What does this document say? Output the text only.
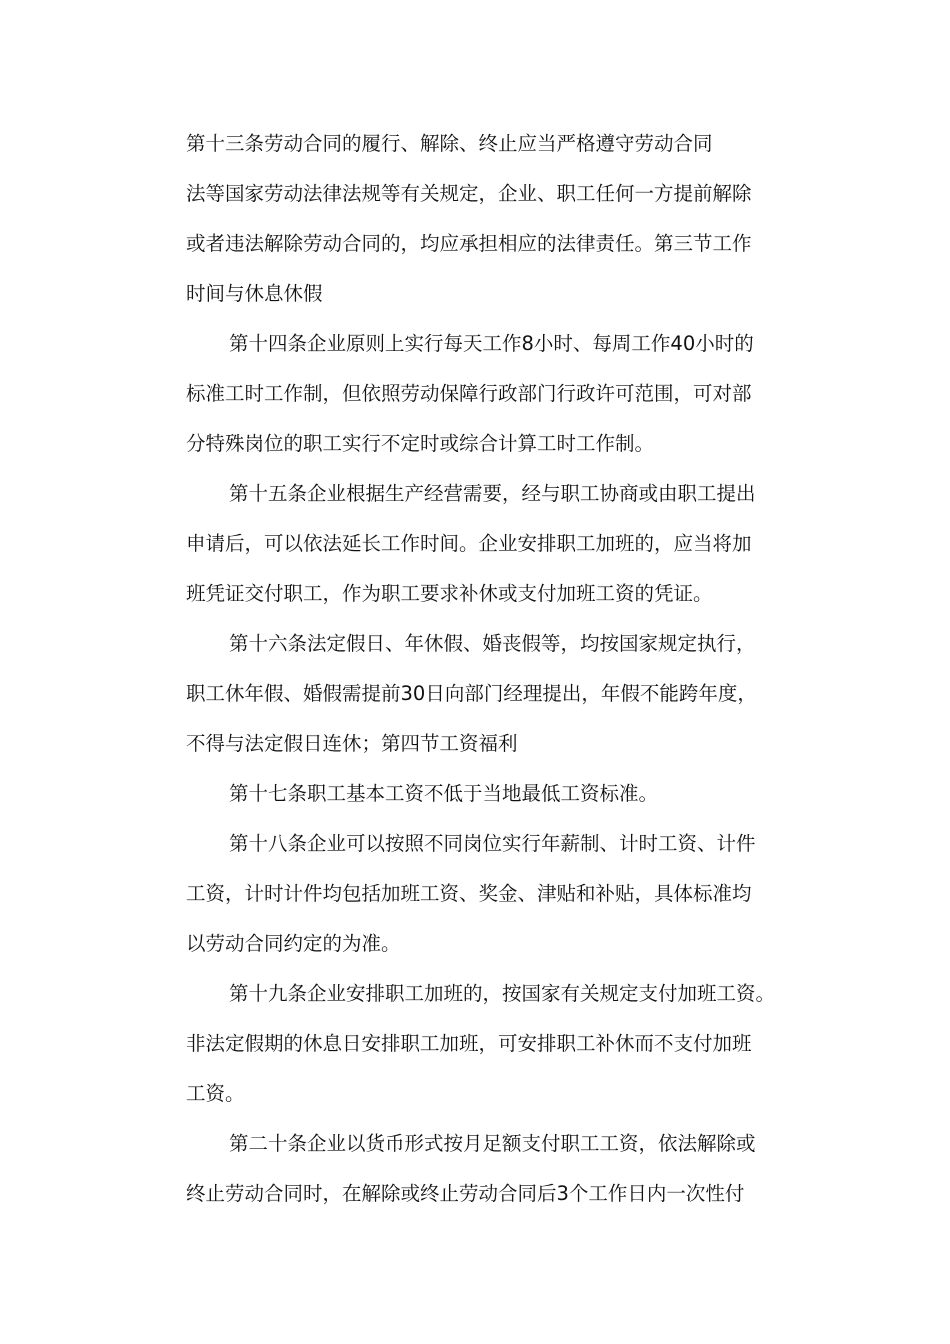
第十三条劳动合同的履行、解除、终止应当严格遵守劳动合同
法等国家劳动法律法规等有关规定，企业、职工任何一方提前解除
或者违法解除劳动合同的，均应承担相应的法律责任。第三节工作
时间与休息休假
第十四条企业原则上实行每天工作8小时、每周工作40小时的
标准工时工作制，但依照劳动保障行政部门行政许可范围，可对部
分特殊岗位的职工实行不定时或综合计算工时工作制。
第十五条企业根据生产经营需要，经与职工协商或由职工提出
申请后，可以依法延长工作时间。企业安排职工加班的，应当将加
班凭证交付职工，作为职工要求补休或支付加班工资的凭证。
第十六条法定假日、年休假、婚丧假等，均按国家规定执行，
职工休年假、婚假需提前30日向部门经理提出，年假不能跨年度，
不得与法定假日连休；第四节工资福利
第十七条职工基本工资不低于当地最低工资标准。
第十八条企业可以按照不同岗位实行年薪制、计时工资、计件
工资，计时计件均包括加班工资、奖金、津贴和补贴，具体标准均
以劳动合同约定的为准。
第十九条企业安排职工加班的，按国家有关规定支付加班工资。
非法定假期的休息日安排职工加班，可安排职工补休而不支付加班
工资。
第二十条企业以货币形式按月足额支付职工工资，依法解除或
终止劳动合同时，在解除或终止劳动合同后3个工作日内一次性付
